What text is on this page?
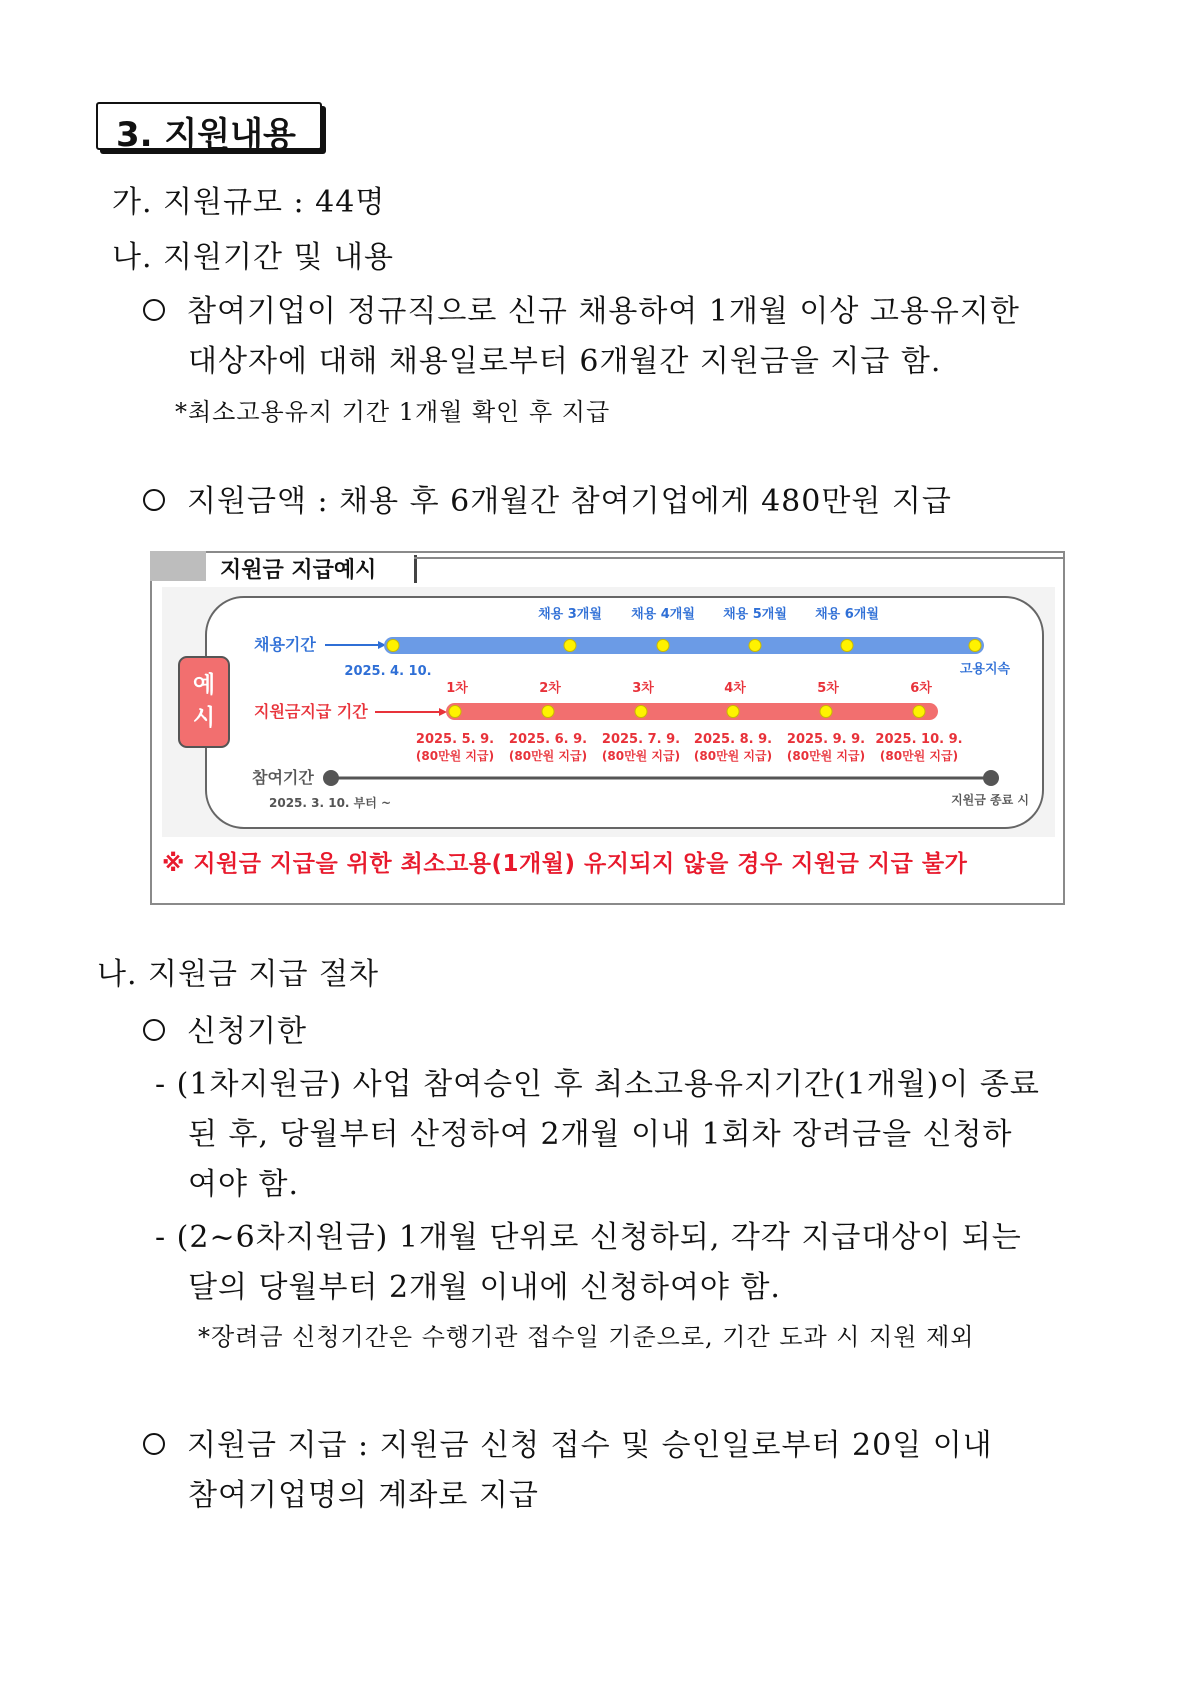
3. 지원내용
가. 지원규모 : 44명
나. 지원기간 및 내용
참여기업이 정규직으로 신규 채용하여 1개월 이상 고용유지한
대상자에 대해 채용일로부터 6개월간 지원금을 지급 함.
*최소고용유지 기간 1개월 확인 후 지급
지원금액 : 채용 후 6개월간 참여기업에게 480만원 지급
지원금 지급예시
예
시
채용기간
채용 3개월 채용 4개월 채용 5개월 채용 6개월
2025. 4. 10.	고용지속
지원금지급 기간
1차	2차	3차	4차	5차	6차
2025. 5. 9.
(80만원 지급)
2025. 6. 9.
(80만원 지급)
2025. 7. 9.
(80만원 지급)
2025. 8. 9.
(80만원 지급)
2025. 9. 9.
(80만원 지급)
2025. 10. 9.
(80만원 지급)
참여기간
2025. 3. 10. 부터 ~	지원금 종료 시
※ 지원금 지급을 위한 최소고용(1개월) 유지되지 않을 경우 지원금 지급 불가
나. 지원금 지급 절차
신청기한
- (1차지원금) 사업 참여승인 후 최소고용유지기간(1개월)이 종료
된 후, 당월부터 산정하여 2개월 이내 1회차 장려금을 신청하
여야 함.
- (2~6차지원금) 1개월 단위로 신청하되, 각각 지급대상이 되는
달의 당월부터 2개월 이내에 신청하여야 함.
*장려금 신청기간은 수행기관 접수일 기준으로, 기간 도과 시 지원 제외
지원금 지급 : 지원금 신청 접수 및 승인일로부터 20일 이내
참여기업명의 계좌로 지급
